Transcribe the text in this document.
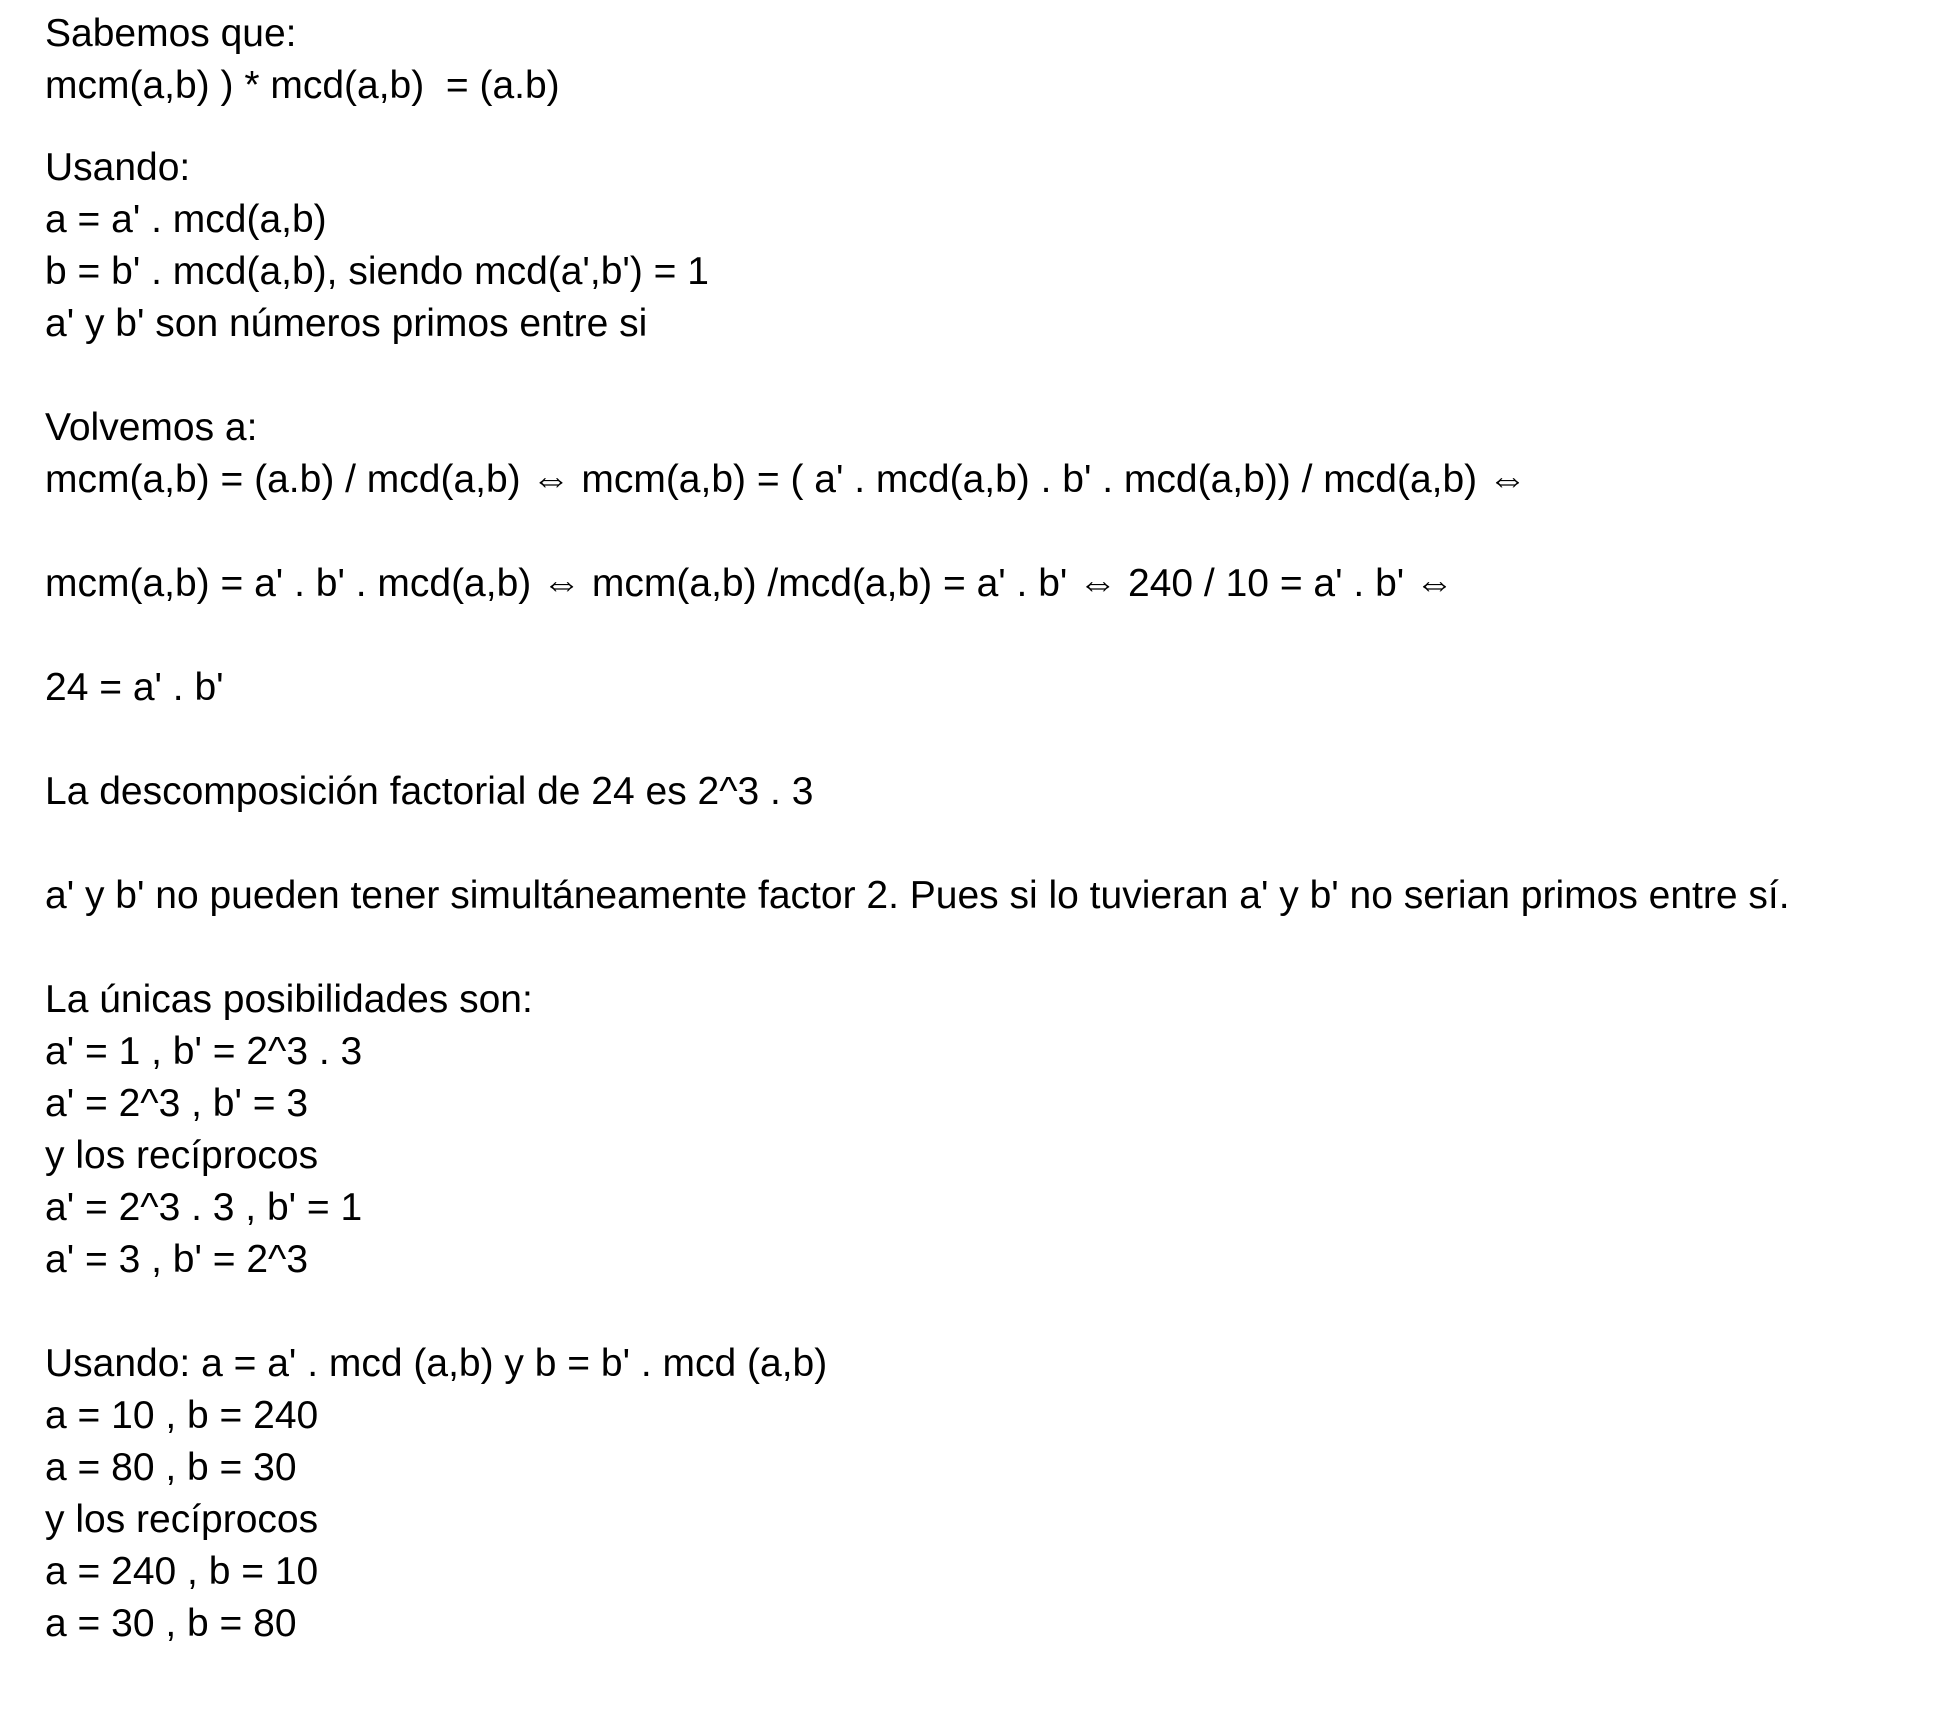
Sabemos que:

mcm(a,b) ) * mcd(a,b)  = (a.b)

Usando:

a = a' . mcd(a,b)

b = b' . mcd(a,b), siendo mcd(a',b') = 1

a' y b' son números primos entre si

Volvemos a:

mcm(a,b) = (a.b) / mcd(a,b) ⇔ mcm(a,b) = ( a' . mcd(a,b) . b' . mcd(a,b)) / mcd(a,b) ⇔

mcm(a,b) = a' . b' . mcd(a,b) ⇔ mcm(a,b) /mcd(a,b) = a' . b' ⇔ 240 / 10 = a' . b' ⇔

24 = a' . b'

La descomposición factorial de 24 es 2^3 . 3

a' y b' no pueden tener simultáneamente factor 2. Pues si lo tuvieran a' y b' no serian primos entre sí.

La únicas posibilidades son:

a' = 1 , b' = 2^3 . 3

a' = 2^3 , b' = 3

y los recíprocos

a' = 2^3 . 3 , b' = 1

a' = 3 , b' = 2^3

Usando: a = a' . mcd (a,b) y b = b' . mcd (a,b)

a = 10 , b = 240

a = 80 , b = 30

y los recíprocos

a = 240 , b = 10

a = 30 , b = 80
